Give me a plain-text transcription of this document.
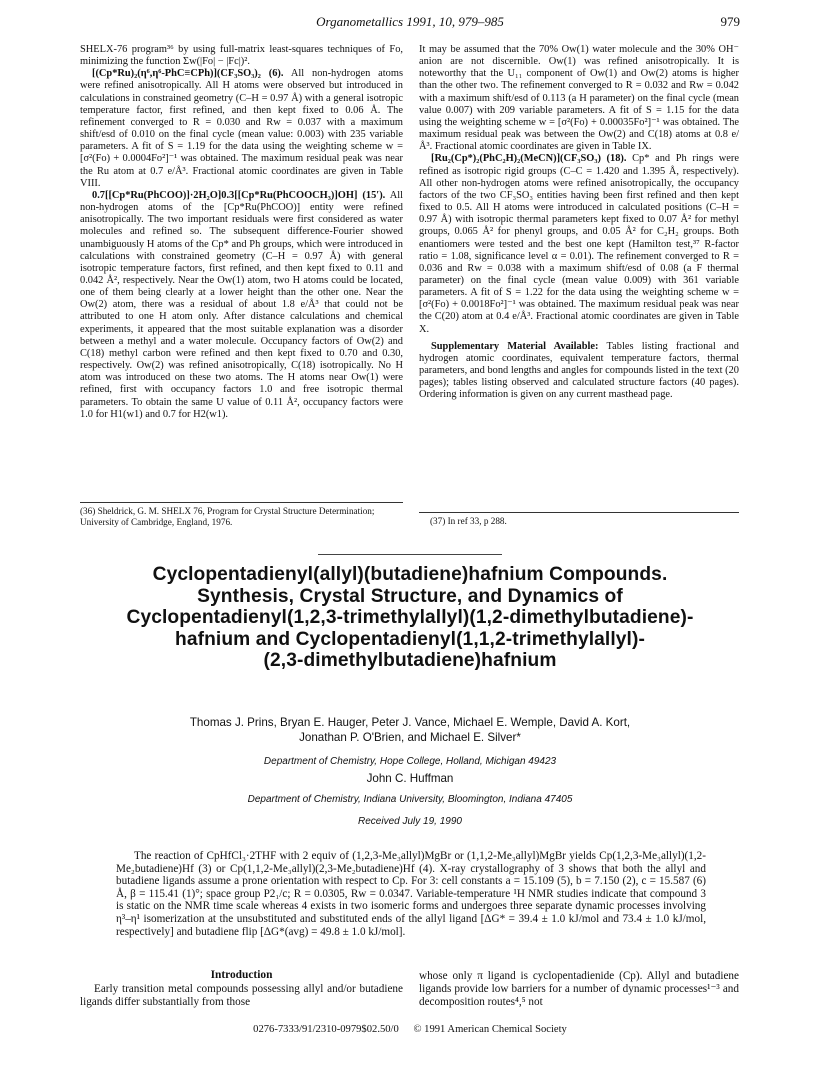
Organometallics 1991, 10, 979–985	979

SHELX-76 program³⁶ by using full-matrix least-squares techniques of Fo, minimizing the function Σw(|Fo| − |Fc|)².

[(Cp*Ru)₂(η⁶,η⁶-PhC≡CPh)](CF₃SO₃)₂ (6). All non-hydrogen atoms were refined anisotropically. All H atoms were observed but introduced in calculations in constrained geometry (C–H = 0.97 Å) with a general isotropic temperature factor, first refined, and then kept fixed to 0.06 Å. The refinement converged to R = 0.030 and Rw = 0.037 with a maximum shift/esd of 0.010 on the final cycle (mean value: 0.003) with 235 variable parameters. A fit of S = 1.19 for the data using the weighting scheme w = [σ²(Fo) + 0.0004Fo²]⁻¹ was obtained. The maximum residual peak was near the Ru atom at 0.7 e/Å³. Fractional atomic coordinates are given in Table VIII.

0.7[[Cp*Ru(PhCOO)]·2H₂O]0.3[[Cp*Ru(PhCOOCH₃)]OH] (15′). All non-hydrogen atoms of the [Cp*Ru(PhCOO)] entity were refined anisotropically. The two important residuals were first considered as water molecules and refined so. The subsequent difference-Fourier showed unambiguously H atoms of the Cp* and Ph groups, which were introduced in calculations with constrained geometry (C–H = 0.97 Å) with general isotropic temperature factors, first refined, and then kept fixed to 0.11 and 0.042 Å², respectively. Near the Ow(1) atom, two H atoms could be located, one of them being clearly at a lower height than the other one. Near the Ow(2) atom, there was a residual of about 1.8 e/Å³ that could not be attributed to one H atom only. After distance calculations and chemical experiments, it appeared that the most suitable explanation was a disorder between a methyl and a water molecule. Occupancy factors of Ow(2) and C(18) methyl carbon were refined and then kept fixed to 0.70 and 0.30, respectively. Ow(2) was refined anisotropically, C(18) isotropically. No H atom was introduced on these two atoms. The H atoms near Ow(1) were refined, first with occupancy factors 1.0 and free isotropic thermal parameters. To obtain the same U value of 0.11 Å², occupancy factors were 1.0 for H1(w1) and 0.7 for H2(w1).

(36) Sheldrick, G. M. SHELX 76, Program for Crystal Structure Determination; University of Cambridge, England, 1976.

It may be assumed that the 70% Ow(1) water molecule and the 30% OH⁻ anion are not discernible. Ow(1) was refined anisotropically. It is noteworthy that the U₁₁ component of Ow(1) and Ow(2) atoms is higher than the other two. The refinement converged to R = 0.032 and Rw = 0.042 with a maximum shift/esd of 0.113 (a H parameter) on the final cycle (mean value 0.007) with 209 variable parameters. A fit of S = 1.15 for the data using the weighting scheme w = [σ²(Fo) + 0.00035Fo²]⁻¹ was obtained. The maximum residual peak was between the Ow(2) and C(18) atoms at 0.8 e/Å³. Fractional atomic coordinates are given in Table IX.

[Ru₂(Cp*)₂(PhC₂H)₂(MeCN)](CF₃SO₃) (18). Cp* and Ph rings were refined as isotropic rigid groups (C–C = 1.420 and 1.395 Å, respectively). All other non-hydrogen atoms were refined anisotropically, the occupancy factors of the two CF₃SO₃ entities having been first refined and then kept fixed to 0.5. All H atoms were introduced in calculated positions (C–H = 0.97 Å) with isotropic thermal parameters kept fixed to 0.07 Å² for methyl groups, 0.065 Å² for phenyl groups, and 0.05 Å² for C₂H₂ groups. Both enantiomers were tested and the best one kept (Hamilton test,³⁷ R-factor ratio = 1.08, significance level α = 0.01). The refinement converged to R = 0.036 and Rw = 0.038 with a maximum shift/esd of 0.08 (a F thermal parameter) on the final cycle (mean value 0.009) with 361 variable parameters. A fit of S = 1.22 for the data using the weighting scheme w = [σ²(Fo) + 0.0018Fo²]⁻¹ was obtained. The maximum residual peak was near the C(20) atom at 0.4 e/Å³. Fractional atomic coordinates are given in Table X.

Supplementary Material Available: Tables listing fractional and hydrogen atomic coordinates, equivalent temperature factors, thermal parameters, and bond lengths and angles for compounds listed in the text (20 pages); tables listing observed and calculated structure factors (40 pages). Ordering information is given on any current masthead page.

(37) In ref 33, p 288.
Cyclopentadienyl(allyl)(butadiene)hafnium Compounds.
Synthesis, Crystal Structure, and Dynamics of
Cyclopentadienyl(1,2,3-trimethylallyl)(1,2-dimethylbutadiene)-
hafnium and Cyclopentadienyl(1,1,2-trimethylallyl)-
(2,3-dimethylbutadiene)hafnium
Thomas J. Prins, Bryan E. Hauger, Peter J. Vance, Michael E. Wemple, David A. Kort,
Jonathan P. O'Brien, and Michael E. Silver*
Department of Chemistry, Hope College, Holland, Michigan 49423
John C. Huffman
Department of Chemistry, Indiana University, Bloomington, Indiana 47405
Received July 19, 1990

The reaction of CpHfCl₃·2THF with 2 equiv of (1,2,3-Me₃allyl)MgBr or (1,1,2-Me₃allyl)MgBr yields Cp(1,2,3-Me₃allyl)(1,2-Me₂butadiene)Hf (3) or Cp(1,1,2-Me₃allyl)(2,3-Me₂butadiene)Hf (4). X-ray crystallography of 3 shows that both the allyl and butadiene ligands assume a prone orientation with respect to Cp. For 3: cell constants a = 15.109 (5), b = 7.150 (2), c = 15.587 (6) Å, β = 115.41 (1)°; space group P2₁/c; R = 0.0305, Rw = 0.0347. Variable-temperature ¹H NMR studies indicate that compound 3 is static on the NMR time scale whereas 4 exists in two isomeric forms and undergoes three separate dynamic processes involving η³–η¹ isomerization at the unsubstituted and substituted ends of the allyl ligand [ΔG* = 39.4 ± 1.0 kJ/mol and 73.4 ± 1.0 kJ/mol, respectively] and butadiene flip [ΔG*(avg) = 49.8 ± 1.0 kJ/mol].

Introduction

Early transition metal compounds possessing allyl and/or butadiene ligands differ substantially from those

whose only π ligand is cyclopentadienide (Cp). Allyl and butadiene ligands provide low barriers for a number of dynamic processes¹⁻³ and decomposition routes⁴,⁵ not
0276-7333/91/2310-0979$02.50/0 © 1991 American Chemical Society
